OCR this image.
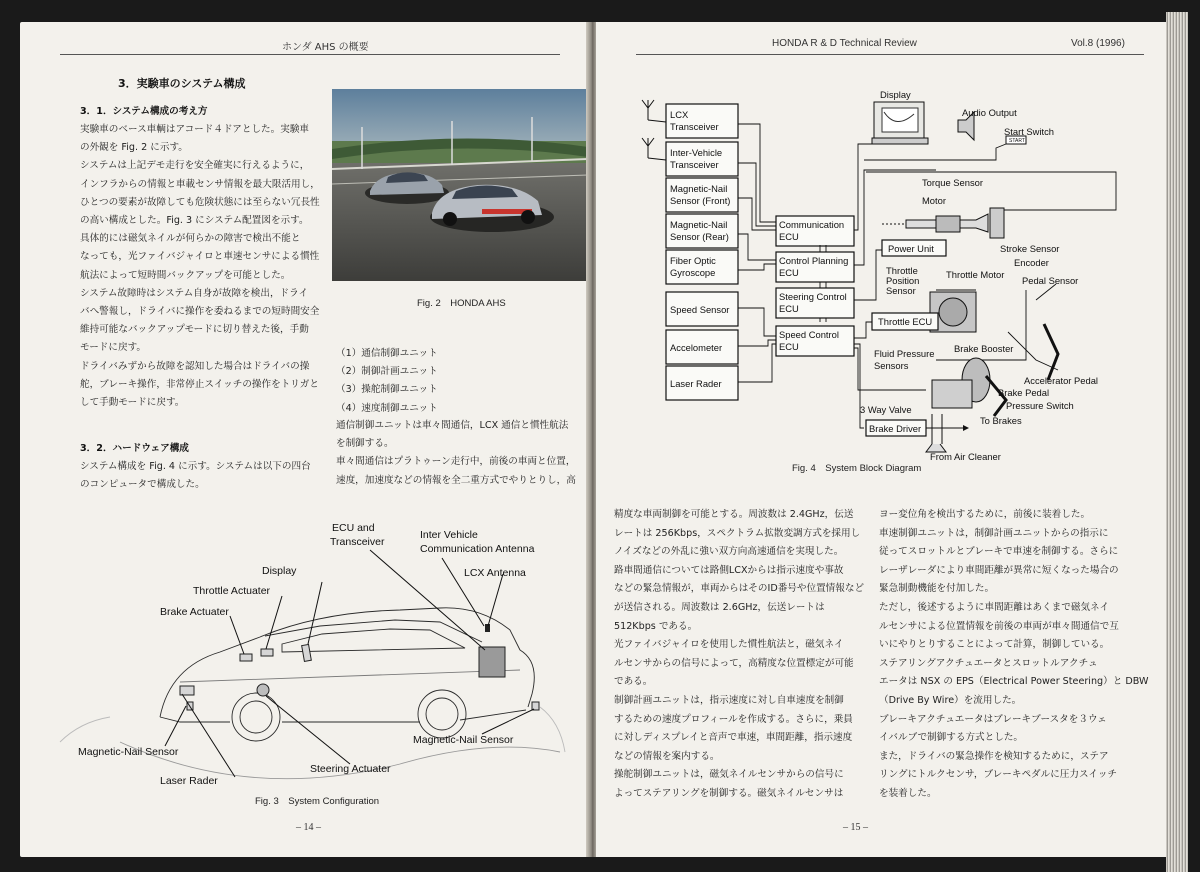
ホンダ AHS の概要
3．実験車のシステム構成
3．1．システム構成の考え方
実験車のベース車輌はアコード４ドアとした。実験車
の外観を Fig. 2 に示す。
システムは上記デモ走行を安全確実に行えるように，
インフラからの情報と車載センサ情報を最大限活用し，
ひとつの要素が故障しても危険状態には至らない冗長性
の高い構成とした。Fig. 3 にシステム配置図を示す。
具体的には磁気ネイルが何らかの障害で検出不能と
なっても，光ファイバジャイロと車速センサによる慣性
航法によって短時間バックアップを可能とした。
システム故障時はシステム自身が故障を検出，ドライ
バへ警報し，ドライバに操作を委ねるまでの短時間安全
維持可能なバックアップモードに切り替えた後，手動
モードに戻す。
ドライバみずから故障を認知した場合はドライバの操
舵，ブレーキ操作，非常停止スイッチの操作をトリガと
して手動モードに戻す。
3．2．ハードウェア構成
システム構成を Fig. 4 に示す。システムは以下の四台
のコンピュータで構成した。
Fig. 2　HONDA AHS
（1）通信制御ユニット
（2）制御計画ユニット
（3）操舵制御ユニット
（4）速度制御ユニット
通信制御ユニットは車々間通信，LCX 通信と慣性航法
を制御する。
車々間通信はプラトゥーン走行中，前後の車両と位置，
速度，加速度などの情報を全二重方式でやりとりし，高
ECU and
Transceiver
Inter Vehicle
Communication Antenna
Display	LCX Antenna
Throttle Actuater
Brake Actuater
Magnetic-Nail Sensor
Magnetic-Nail Sensor
Steering Actuater
Laser Rader
Fig. 3　System Configuration
– 14 –
HONDA R & D Technical Review	Vol.8 (1996)
LCX
Transceiver
Inter-Vehicle
Transceiver
Magnetic-Nail
Sensor (Front)
Magnetic-Nail
Sensor (Rear)
Fiber Optic
Gyroscope
Speed Sensor
Accelometer
Laser Rader
Communication
ECU
Control Planning
ECU
Steering Control
ECU
Speed Control
ECU
Display
Audio Output
Start Switch
START
Torque Sensor
Motor
Power Unit	Stroke Sensor
Encoder
Throttle
Position
Sensor
Throttle Motor
Pedal Sensor
Throttle ECU
Fluid Pressure
Sensors
Brake Booster
Accelerator Pedal
Brake Pedal
Pressure Switch
3 Way Valve
Brake Driver
To Brakes
From Air Cleaner
Fig. 4　System Block Diagram
精度な車両制御を可能とする。周波数は 2.4GHz，伝送
レートは 256Kbps，スペクトラム拡散変調方式を採用し
ノイズなどの外乱に強い双方向高速通信を実現した。
路車間通信については路側LCXからは指示速度や事故
などの緊急情報が，車両からはそのID番号や位置情報など
が送信される。周波数は 2.6GHz，伝送レートは
512Kbps である。
光ファイバジャイロを使用した慣性航法と，磁気ネイ
ルセンサからの信号によって，高精度な位置標定が可能
である。
制御計画ユニットは，指示速度に対し自車速度を制御
するための速度プロフィールを作成する。さらに，乗員
に対しディスプレイと音声で車速，車間距離，指示速度
などの情報を案内する。
操舵制御ユニットは，磁気ネイルセンサからの信号に
よってステアリングを制御する。磁気ネイルセンサは
ヨー変位角を検出するために，前後に装着した。
車速制御ユニットは，制御計画ユニットからの指示に
従ってスロットルとブレーキで車速を制御する。さらに
レーザレーダにより車間距離が異常に短くなった場合の
緊急制動機能を付加した。
ただし，後述するように車間距離はあくまで磁気ネイ
ルセンサによる位置情報を前後の車両が車々間通信で互
いにやりとりすることによって計算，制御している。
ステアリングアクチュエータとスロットルアクチュ
エータは NSX の EPS（Electrical Power Steering）と DBW
（Drive By Wire）を流用した。
ブレーキアクチュエータはブレーキブースタを３ウェ
イバルブで制御する方式とした。
また，ドライバの緊急操作を検知するために，ステア
リングにトルクセンサ，ブレーキペダルに圧力スイッチ
を装着した。
– 15 –
